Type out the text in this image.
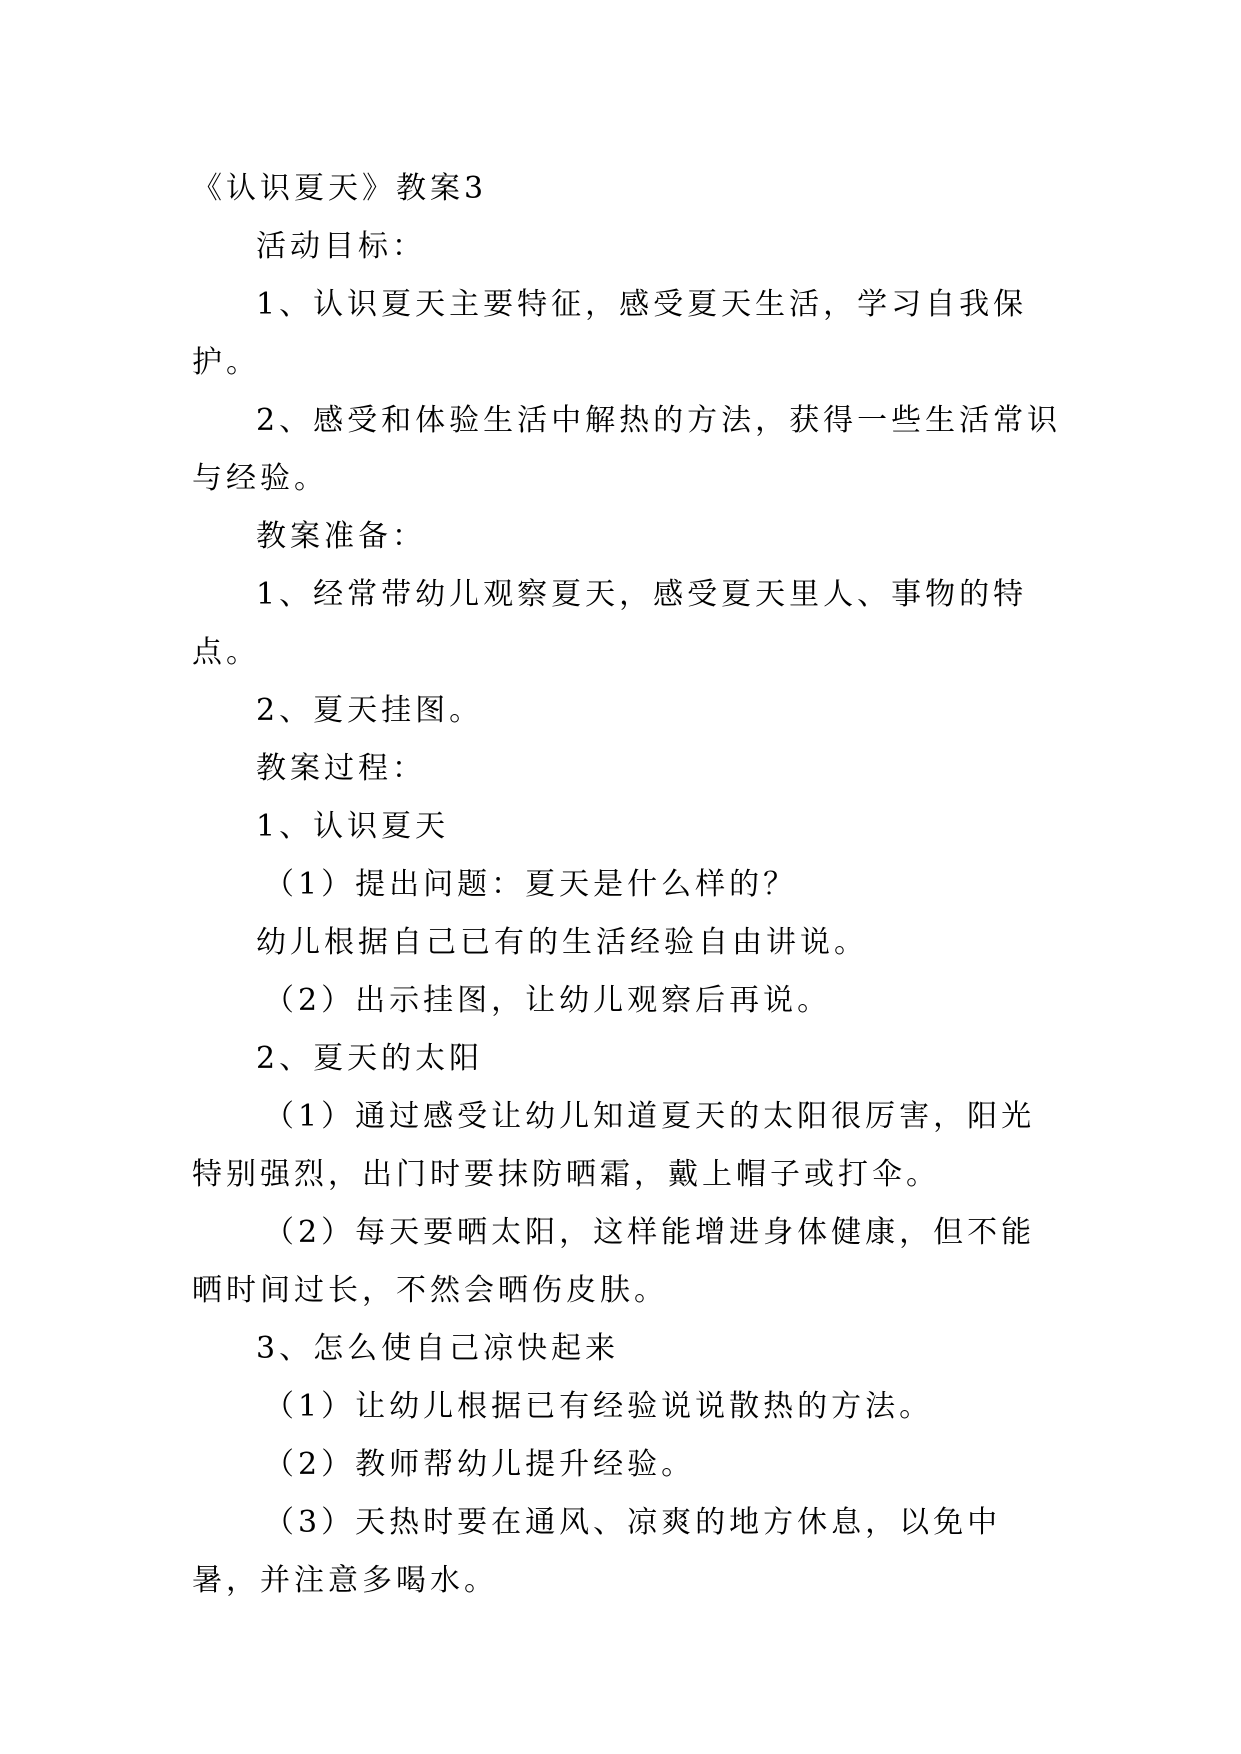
《认识夏天》教案3

活动目标：

1、认识夏天主要特征，感受夏天生活，学习自我保护。

2、感受和体验生活中解热的方法，获得一些生活常识与经验。

教案准备：

1、经常带幼儿观察夏天，感受夏天里人、事物的特点。

2、夏天挂图。

教案过程：

1、认识夏天

（1）提出问题：夏天是什么样的？

幼儿根据自己已有的生活经验自由讲说。

（2）出示挂图，让幼儿观察后再说。

2、夏天的太阳

（1）通过感受让幼儿知道夏天的太阳很厉害，阳光特别强烈，出门时要抹防晒霜，戴上帽子或打伞。

（2）每天要晒太阳，这样能增进身体健康，但不能晒时间过长，不然会晒伤皮肤。

3、怎么使自己凉快起来

（1）让幼儿根据已有经验说说散热的方法。

（2）教师帮幼儿提升经验。

（3）天热时要在通风、凉爽的地方休息，以免中暑，并注意多喝水。
